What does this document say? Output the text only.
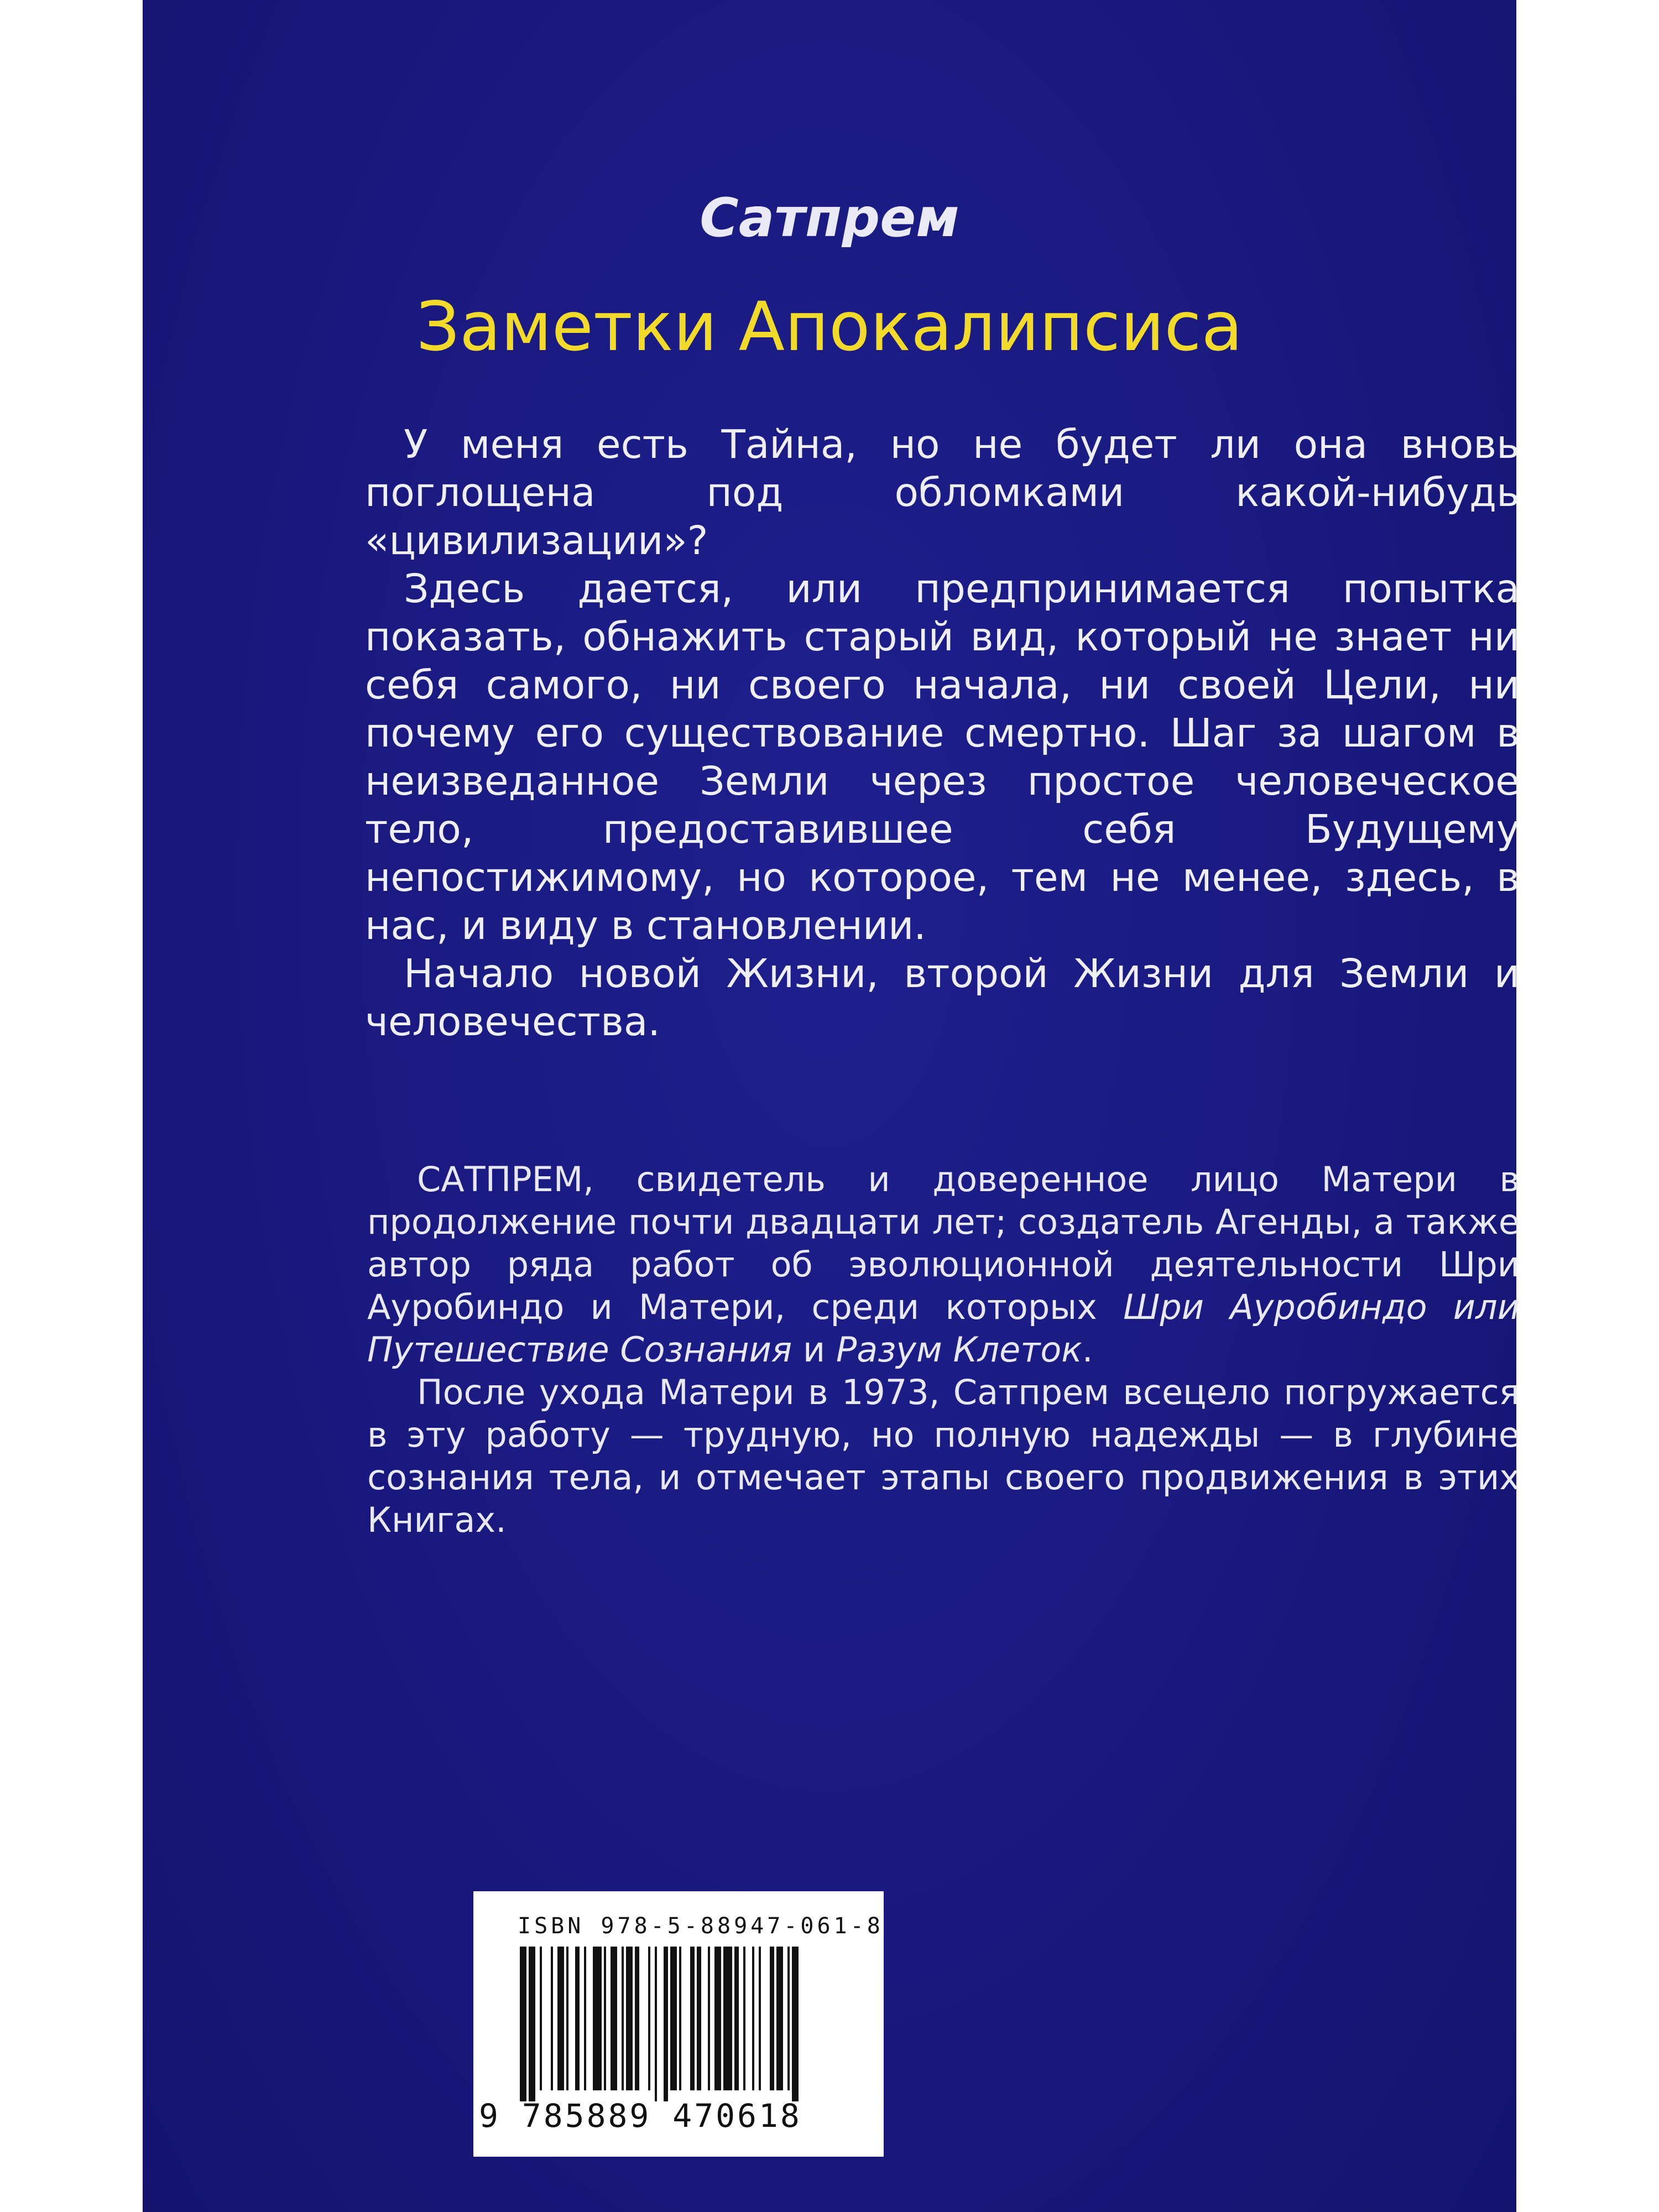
Сатпрем
Заметки Апокалипсиса

У меня есть Тайна, но не будет ли она вновь поглощена под обломками какой-нибудь «цивилизации»?

Здесь дается, или предпринимается попытка показать, обнажить старый вид, который не знает ни себя самого, ни своего начала, ни своей Цели, ни почему его существование смертно. Шаг за шагом в неизведанное Земли через простое человеческое тело, предоставившее себя Будущему непостижимому, но которое, тем не менее, здесь, в нас, и виду в становлении.

Начало новой Жизни, второй Жизни для Земли и человечества.

САТПРЕМ, свидетель и доверенное лицо Матери в продолжение почти двадцати лет; создатель Агенды, а также автор ряда работ об эволюционной деятельности Шри Ауробиндо и Матери, среди которых Шри Ауробиндо или Путешествие Сознания и Разум Клеток.

После ухода Матери в 1973, Сатпрем всецело погружается в эту работу — трудную, но полную надежды — в глубине сознания тела, и отмечает этапы своего продвижения в этих Книгах.

ISBN 978-5-88947-061-8
9 785889 470618
